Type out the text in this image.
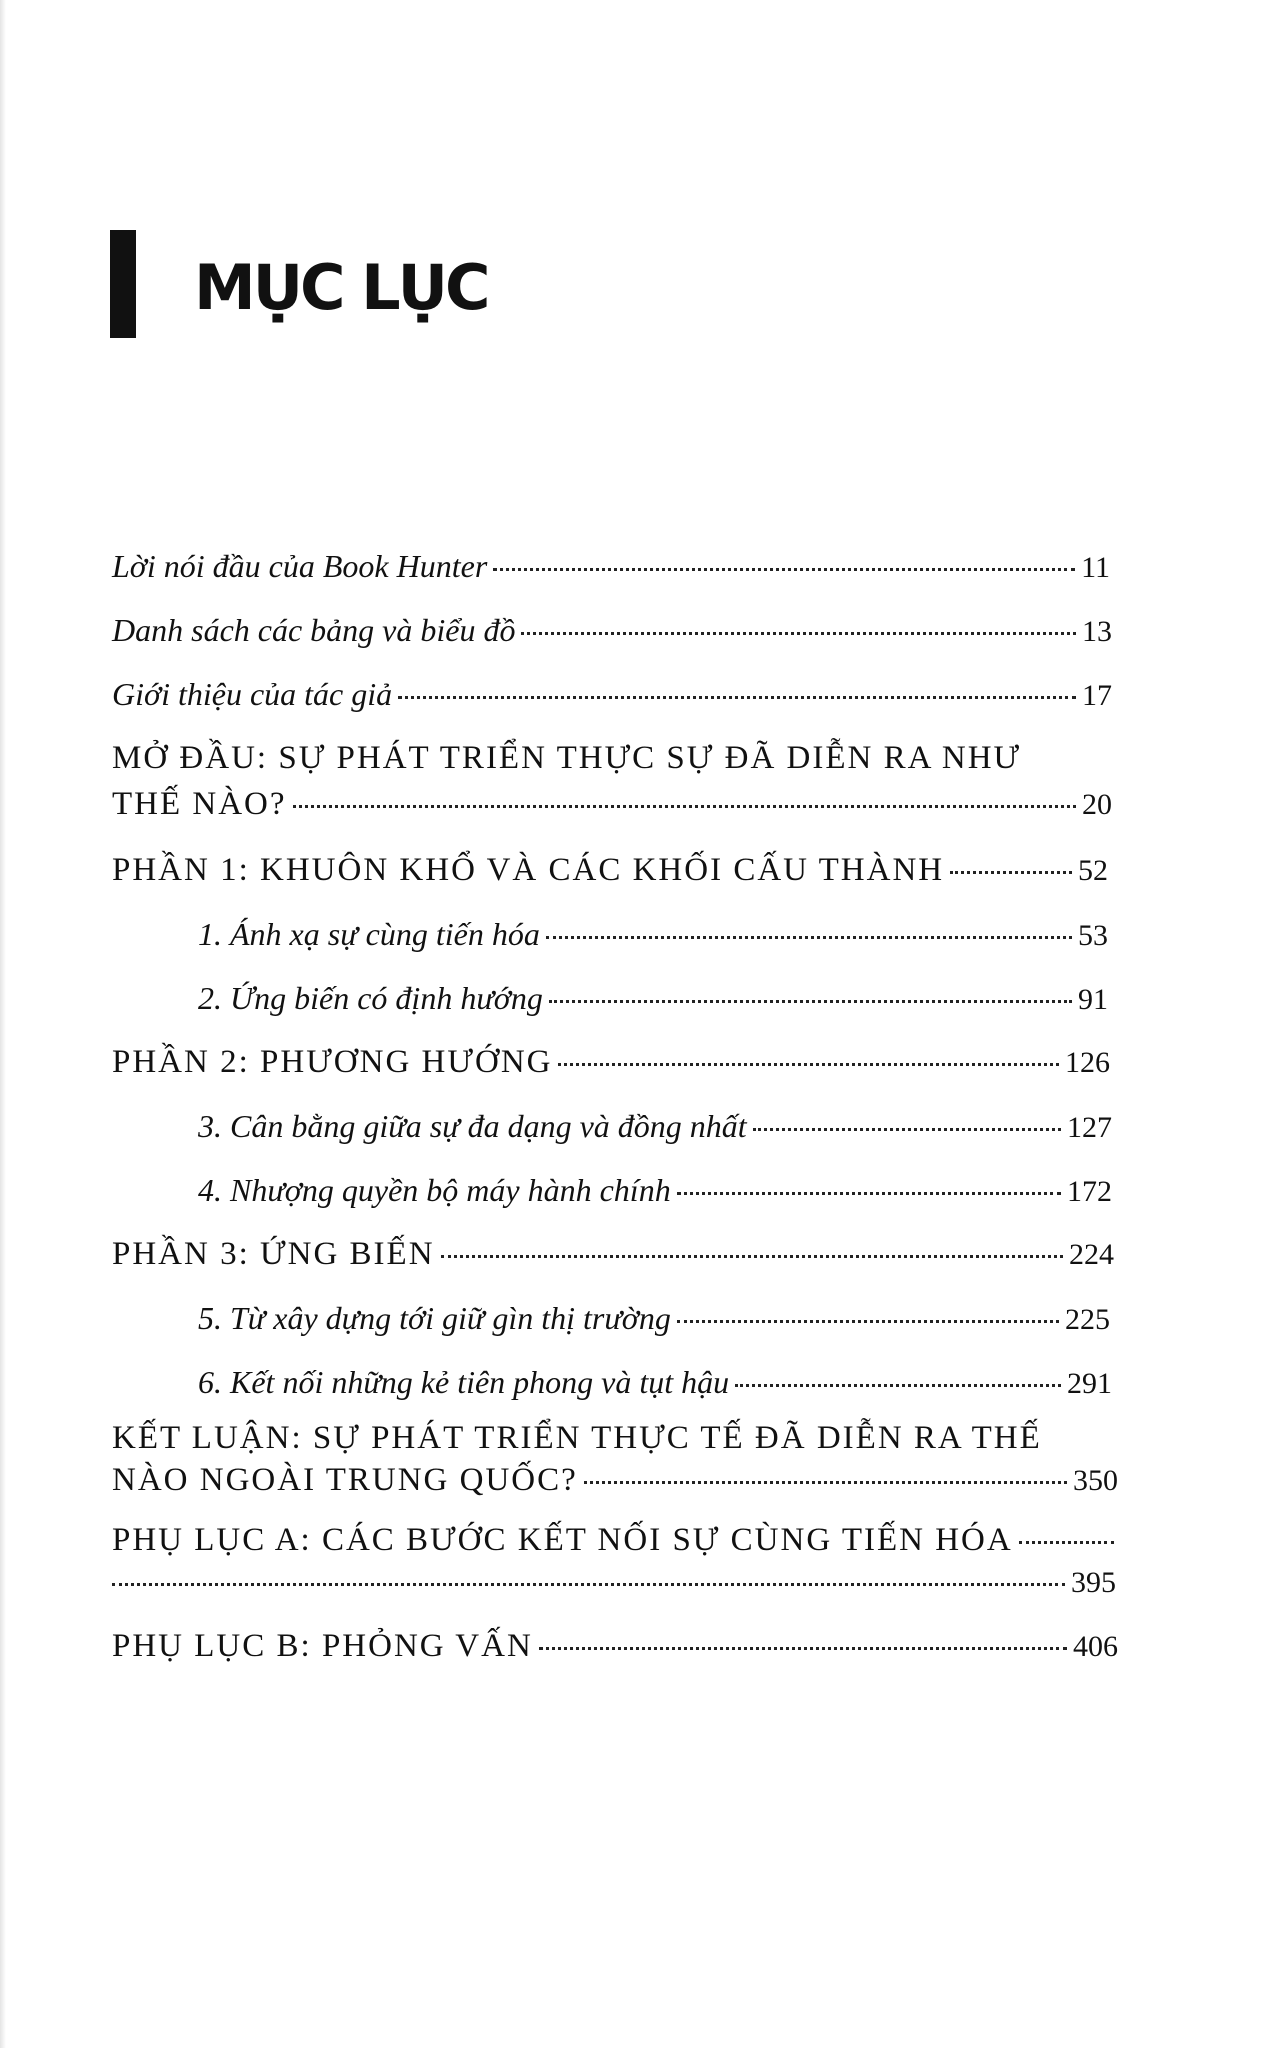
MỤC LỤC
Lời nói đầu của Book Hunter	11
Danh sách các bảng và biểu đồ	13
Giới thiệu của tác giả	17
MỞ ĐẦU: SỰ PHÁT TRIỂN THỰC SỰ ĐÃ DIỄN RA NHƯ
THẾ NÀO?	20
PHẦN 1: KHUÔN KHỔ VÀ CÁC KHỐI CẤU THÀNH	52
1. Ánh xạ sự cùng tiến hóa	53
2. Ứng biến có định hướng	91
PHẦN 2: PHƯƠNG HƯỚNG	126
3. Cân bằng giữa sự đa dạng và đồng nhất	127
4. Nhượng quyền bộ máy hành chính	172
PHẦN 3: ỨNG BIẾN	224
5. Từ xây dựng tới giữ gìn thị trường	225
6. Kết nối những kẻ tiên phong và tụt hậu	291
KẾT LUẬN: SỰ PHÁT TRIỂN THỰC TẾ ĐÃ DIỄN RA THẾ
NÀO NGOÀI TRUNG QUỐC?	350
PHỤ LỤC A: CÁC BƯỚC KẾT NỐI SỰ CÙNG TIẾN HÓA
395
PHỤ LỤC B: PHỎNG VẤN	406
